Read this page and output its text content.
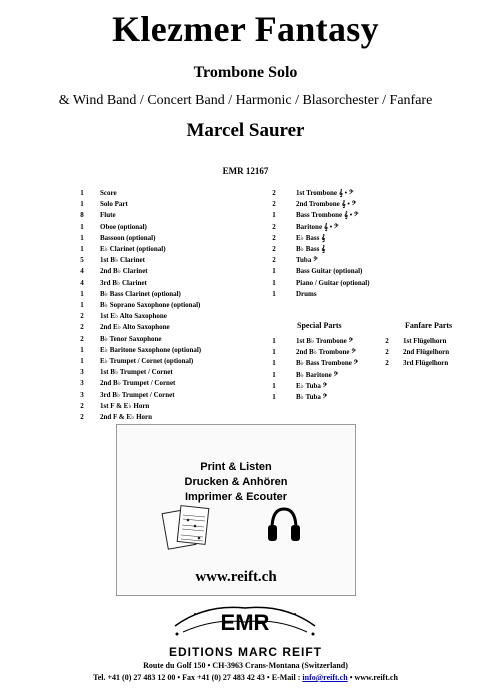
Klezmer Fantasy
Trombone Solo
& Wind Band / Concert Band / Harmonic / Blasorchester / Fanfare
Marcel Saurer
EMR 12167
1	Score
1	Solo Part
8	Flute
1	Oboe (optional)
1	Bassoon (optional)
1	E♭ Clarinet (optional)
5	1st B♭ Clarinet
4	2nd B♭ Clarinet
4	3rd B♭ Clarinet
1	B♭ Bass Clarinet (optional)
1	B♭ Soprano Saxophone (optional)
2	1st E♭ Alto Saxophone
2	2nd E♭ Alto Saxophone
2	B♭ Tenor Saxophone
1	E♭ Baritone Saxophone (optional)
1	E♭ Trumpet / Cornet (optional)
3	1st B♭ Trumpet / Cornet
3	2nd B♭ Trumpet / Cornet
3	3rd B♭ Trumpet / Cornet
2	1st F & E♭ Horn
2	2nd F & E♭ Horn
2	1st Trombone 𝄞 • 𝄢
2	2nd Trombone 𝄞 • 𝄢
1	Bass Trombone 𝄞 • 𝄢
2	Baritone 𝄞 • 𝄢
2	E♭ Bass 𝄞
2	B♭ Bass 𝄞
2	Tuba 𝄢
1	Bass Guitar (optional)
1	Piano / Guitar (optional)
1	Drums
Special Parts
1	1st B♭ Trombone 𝄢
1	2nd B♭ Trombone 𝄢
1	B♭ Bass Trombone 𝄢
1	B♭ Baritone 𝄢
1	E♭ Tuba 𝄢
1	B♭ Tuba 𝄢
Fanfare Parts
2	1st Flügelhorn
2	2nd Flügelhorn
2	3rd Flügelhorn
Print & Listen
Drucken & Anhören
Imprimer & Ecouter
www.reift.ch
EMR
EDITIONS MARC REIFT
Route du Golf 150 • CH-3963 Crans-Montana (Switzerland)
Tel. +41 (0) 27 483 12 00 • Fax +41 (0) 27 483 42 43 • E-Mail : info@reift.ch • www.reift.ch
